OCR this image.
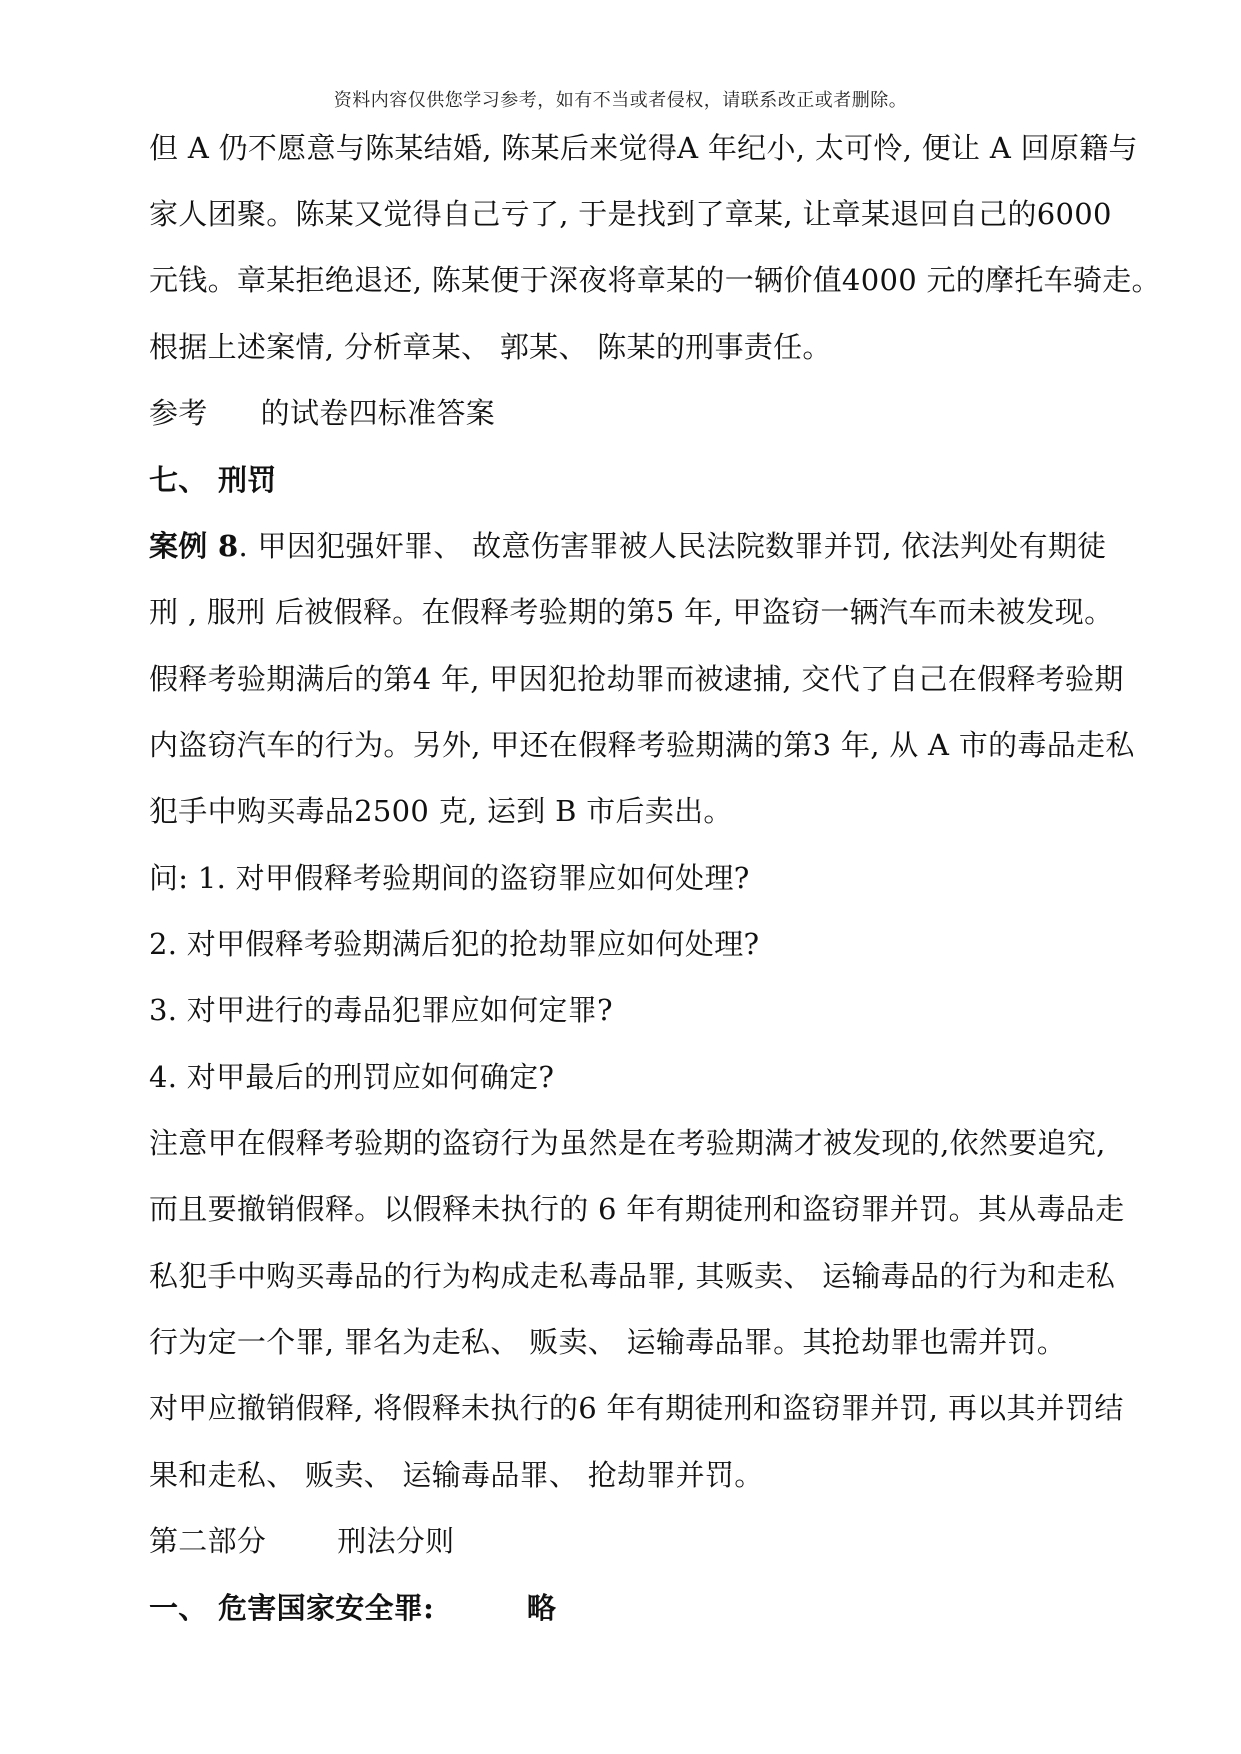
资料内容仅供您学习参考，如有不当或者侵权，请联系改正或者删除。
但 A 仍不愿意与陈某结婚, 陈某后来觉得A 年纪小, 太可怜, 便让 A 回原籍与
家人团聚。陈某又觉得自己亏了, 于是找到了章某, 让章某退回自己的6000
元钱。章某拒绝退还, 陈某便于深夜将章某的一辆价值4000 元的摩托车骑走。
根据上述案情, 分析章某、 郭某、 陈某的刑事责任。
参考 的试卷四标准答案
七、 刑罚
案例 8. 甲因犯强奸罪、 故意伤害罪被人民法院数罪并罚, 依法判处有期徒
刑 , 服刑 后被假释。在假释考验期的第5 年, 甲盗窃一辆汽车而未被发现。
假释考验期满后的第4 年, 甲因犯抢劫罪而被逮捕, 交代了自己在假释考验期
内盗窃汽车的行为。另外, 甲还在假释考验期满的第3 年, 从 A 市的毒品走私
犯手中购买毒品2500 克, 运到 B 市后卖出。
问: 1. 对甲假释考验期间的盗窃罪应如何处理?
2. 对甲假释考验期满后犯的抢劫罪应如何处理?
3. 对甲进行的毒品犯罪应如何定罪?
4. 对甲最后的刑罚应如何确定?
注意甲在假释考验期的盗窃行为虽然是在考验期满才被发现的,依然要追究,
而且要撤销假释。以假释未执行的 6 年有期徒刑和盗窃罪并罚。其从毒品走
私犯手中购买毒品的行为构成走私毒品罪, 其贩卖、 运输毒品的行为和走私
行为定一个罪, 罪名为走私、 贩卖、 运输毒品罪。其抢劫罪也需并罚。
对甲应撤销假释, 将假释未执行的6 年有期徒刑和盗窃罪并罚, 再以其并罚结
果和走私、 贩卖、 运输毒品罪、 抢劫罪并罚。
第二部分 刑法分则
一、 危害国家安全罪:	略
